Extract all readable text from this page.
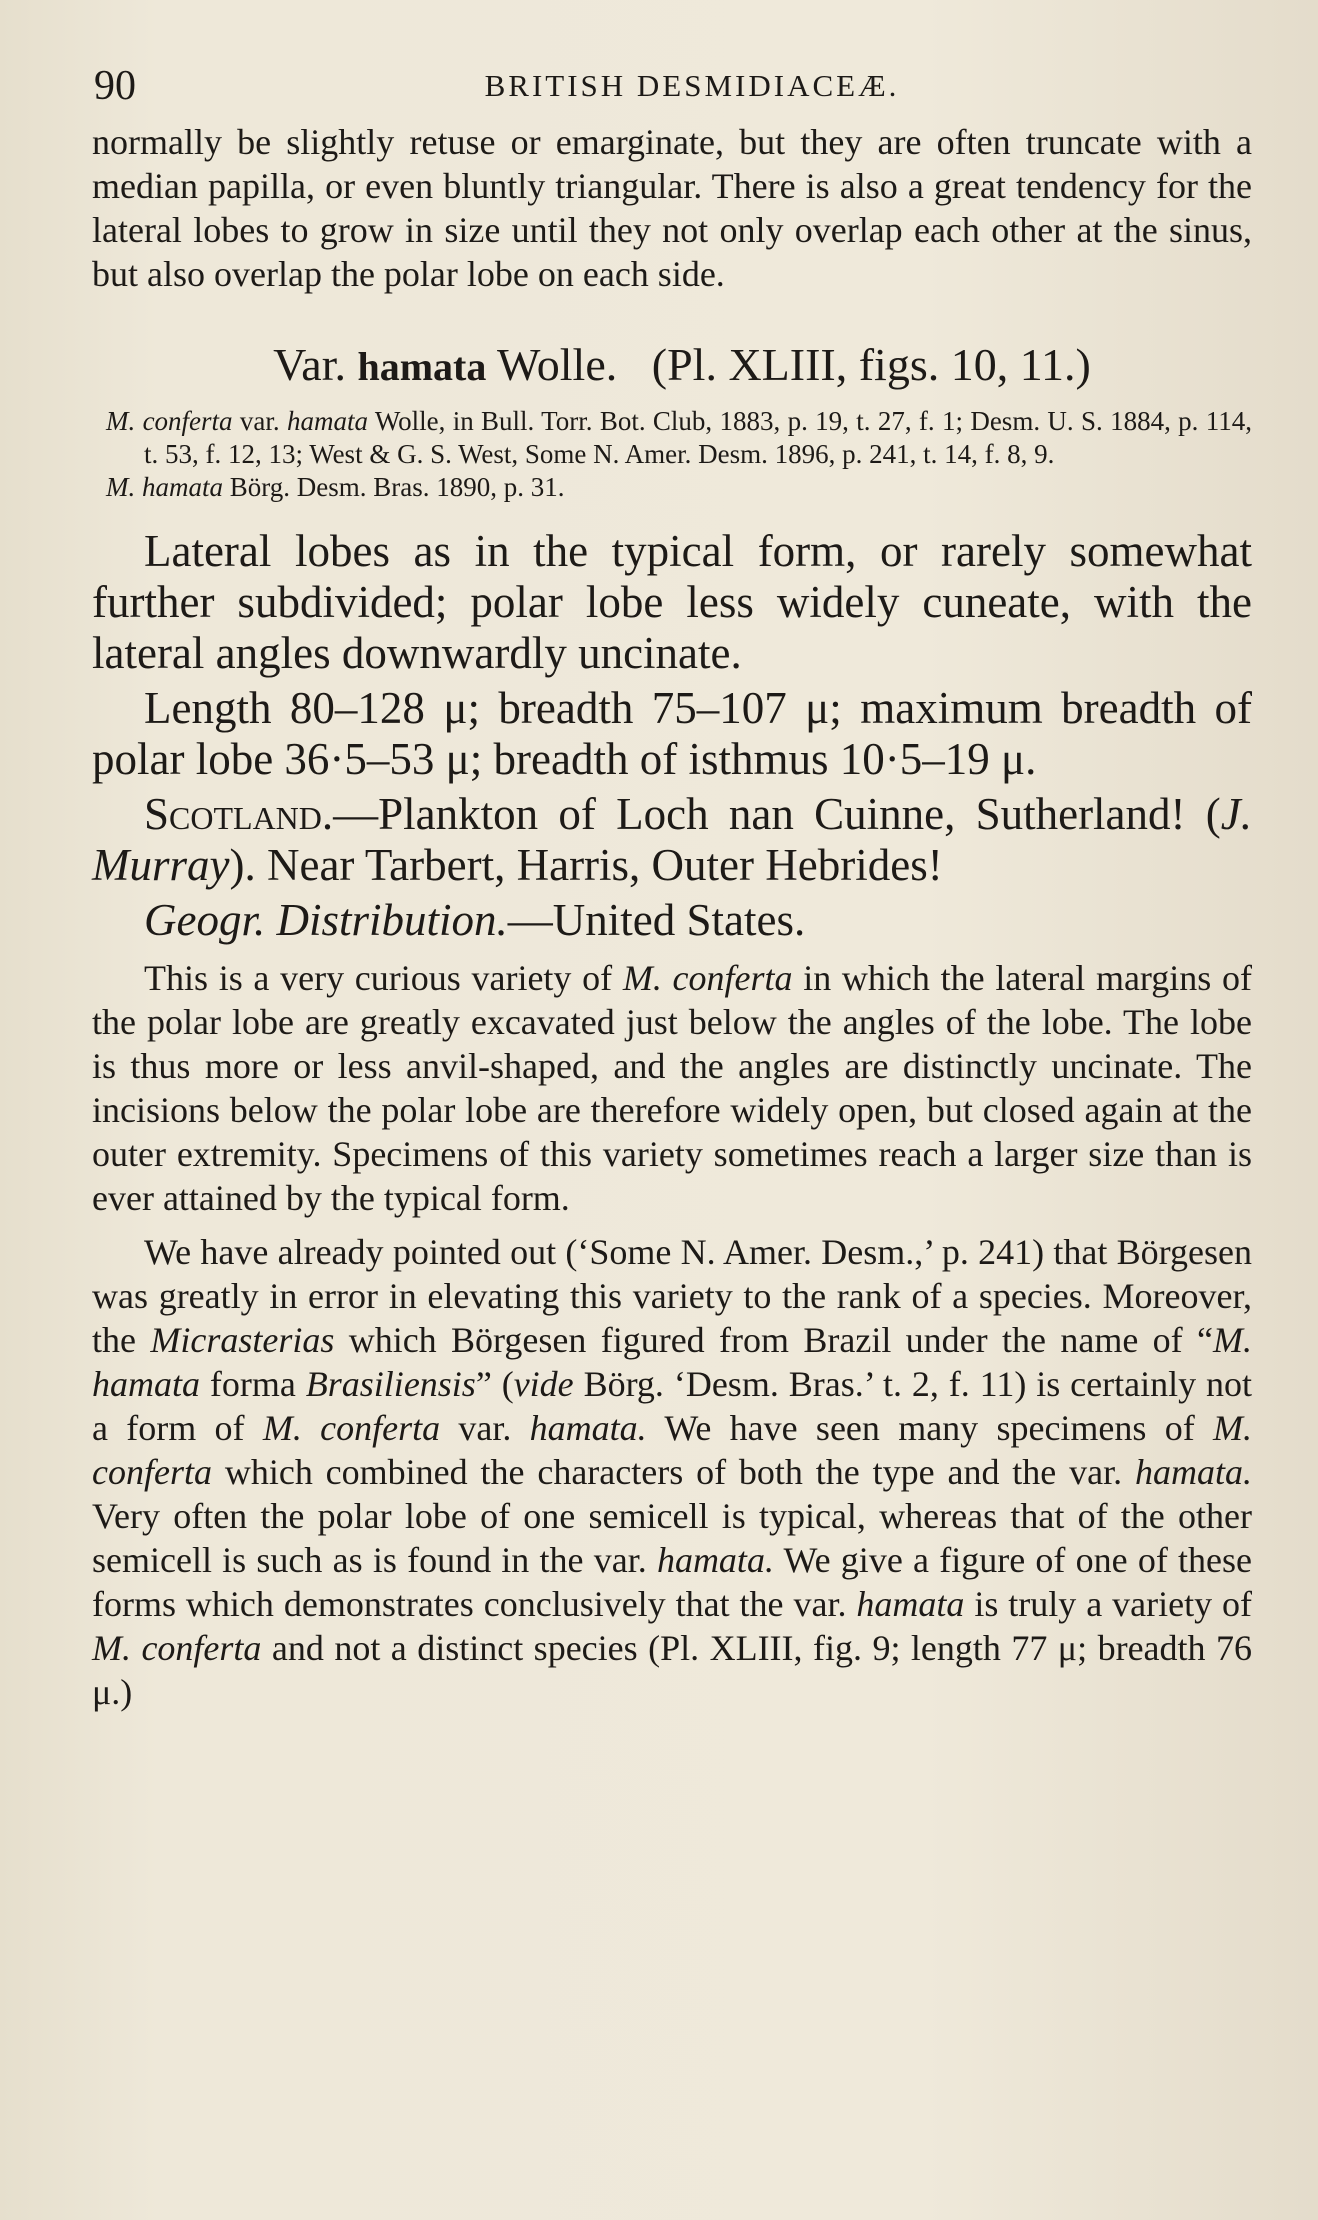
90	BRITISH DESMIDIACEÆ.

normally be slightly retuse or emarginate, but they are often truncate with a median papilla, or even bluntly triangular. There is also a great tendency for the lateral lobes to grow in size until they not only overlap each other at the sinus, but also overlap the polar lobe on each side.

Var. hamata Wolle. (Pl. XLIII, figs. 10, 11.)

M. conferta var. hamata Wolle, in Bull. Torr. Bot. Club, 1883, p. 19, t. 27, f. 1; Desm. U. S. 1884, p. 114, t. 53, f. 12, 13; West & G. S. West, Some N. Amer. Desm. 1896, p. 241, t. 14, f. 8, 9.

M. hamata Börg. Desm. Bras. 1890, p. 31.

Lateral lobes as in the typical form, or rarely somewhat further subdivided; polar lobe less widely cuneate, with the lateral angles downwardly uncinate.

Length 80–128 μ; breadth 75–107 μ; maximum breadth of polar lobe 36·5–53 μ; breadth of isthmus 10·5–19 μ.

Scotland.—Plankton of Loch nan Cuinne, Sutherland! (J. Murray). Near Tarbert, Harris, Outer Hebrides!

Geogr. Distribution.—United States.

This is a very curious variety of M. conferta in which the lateral margins of the polar lobe are greatly excavated just below the angles of the lobe. The lobe is thus more or less anvil-shaped, and the angles are distinctly uncinate. The incisions below the polar lobe are therefore widely open, but closed again at the outer extremity. Specimens of this variety sometimes reach a larger size than is ever attained by the typical form.

We have already pointed out (‘Some N. Amer. Desm.,’ p. 241) that Börgesen was greatly in error in elevating this variety to the rank of a species. Moreover, the Micrasterias which Börgesen figured from Brazil under the name of “M. hamata forma Brasiliensis” (vide Börg. ‘Desm. Bras.’ t. 2, f. 11) is certainly not a form of M. conferta var. hamata. We have seen many specimens of M. conferta which combined the characters of both the type and the var. hamata. Very often the polar lobe of one semicell is typical, whereas that of the other semicell is such as is found in the var. hamata. We give a figure of one of these forms which demonstrates conclusively that the var. hamata is truly a variety of M. conferta and not a distinct species (Pl. XLIII, fig. 9; length 77 μ; breadth 76 μ.)
